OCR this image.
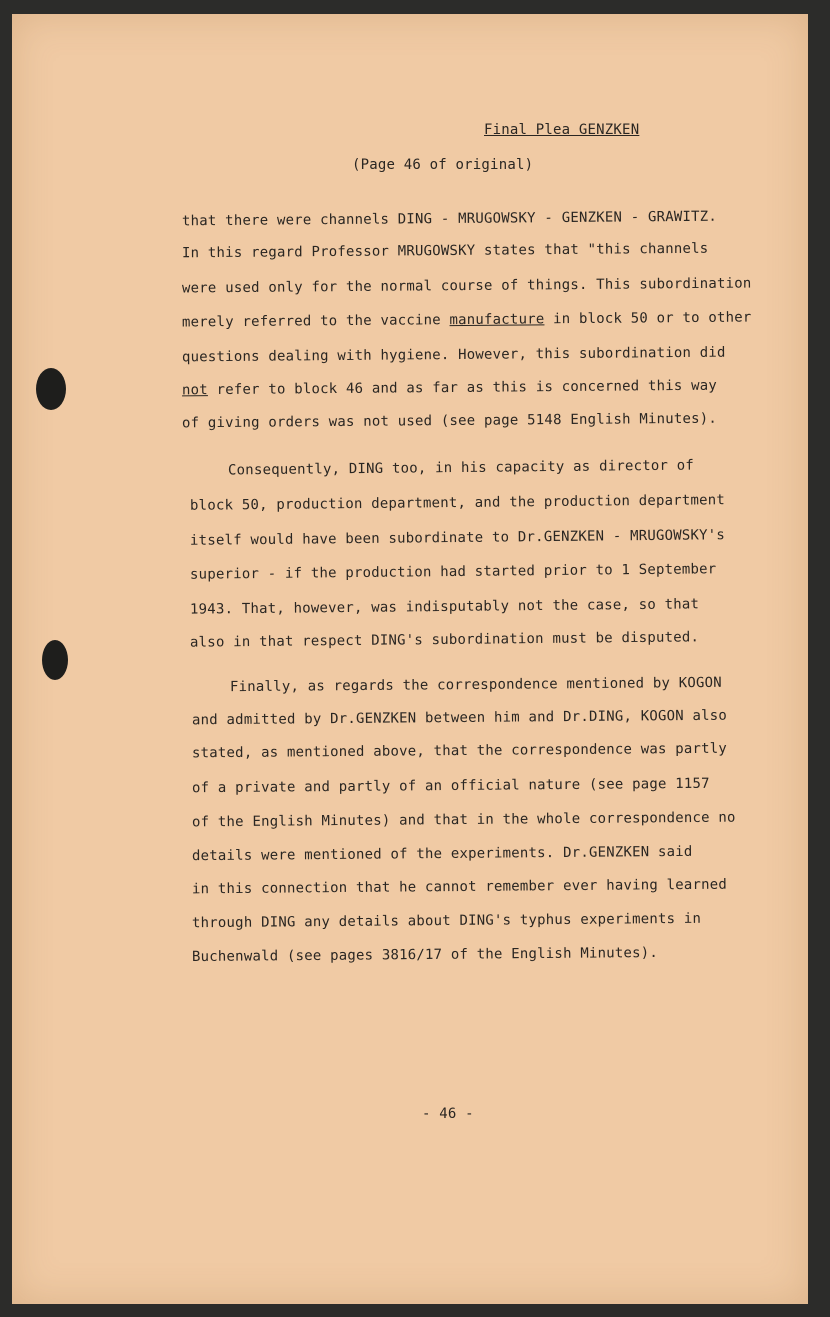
Final Plea GENZKEN

(Page 46 of original)

that there were channels DING - MRUGOWSKY - GENZKEN - GRAWITZ.

In this regard Professor MRUGOWSKY states that "this channels

were used only for the normal course of things. This subordination

merely referred to the vaccine manufacture in block 50 or to other

questions dealing with hygiene. However, this subordination did

not refer to block 46 and as far as this is concerned this way

of giving orders was not used (see page 5148 English Minutes).

Consequently, DING too, in his capacity as director of

block 50, production department, and the production department

itself would have been subordinate to Dr.GENZKEN - MRUGOWSKY's

superior - if the production had started prior to 1 September

1943. That, however, was indisputably not the case, so that

also in that respect DING's subordination must be disputed.

Finally, as regards the correspondence mentioned by KOGON

and admitted by Dr.GENZKEN between him and Dr.DING, KOGON also

stated, as mentioned above, that the correspondence was partly

of a private and partly of an official nature (see page 1157

of the English Minutes) and that in the whole correspondence no

details were mentioned of the experiments. Dr.GENZKEN said

in this connection that he cannot remember ever having learned

through DING any details about DING's typhus experiments in

Buchenwald (see pages 3816/17 of the English Minutes).

- 46 -
